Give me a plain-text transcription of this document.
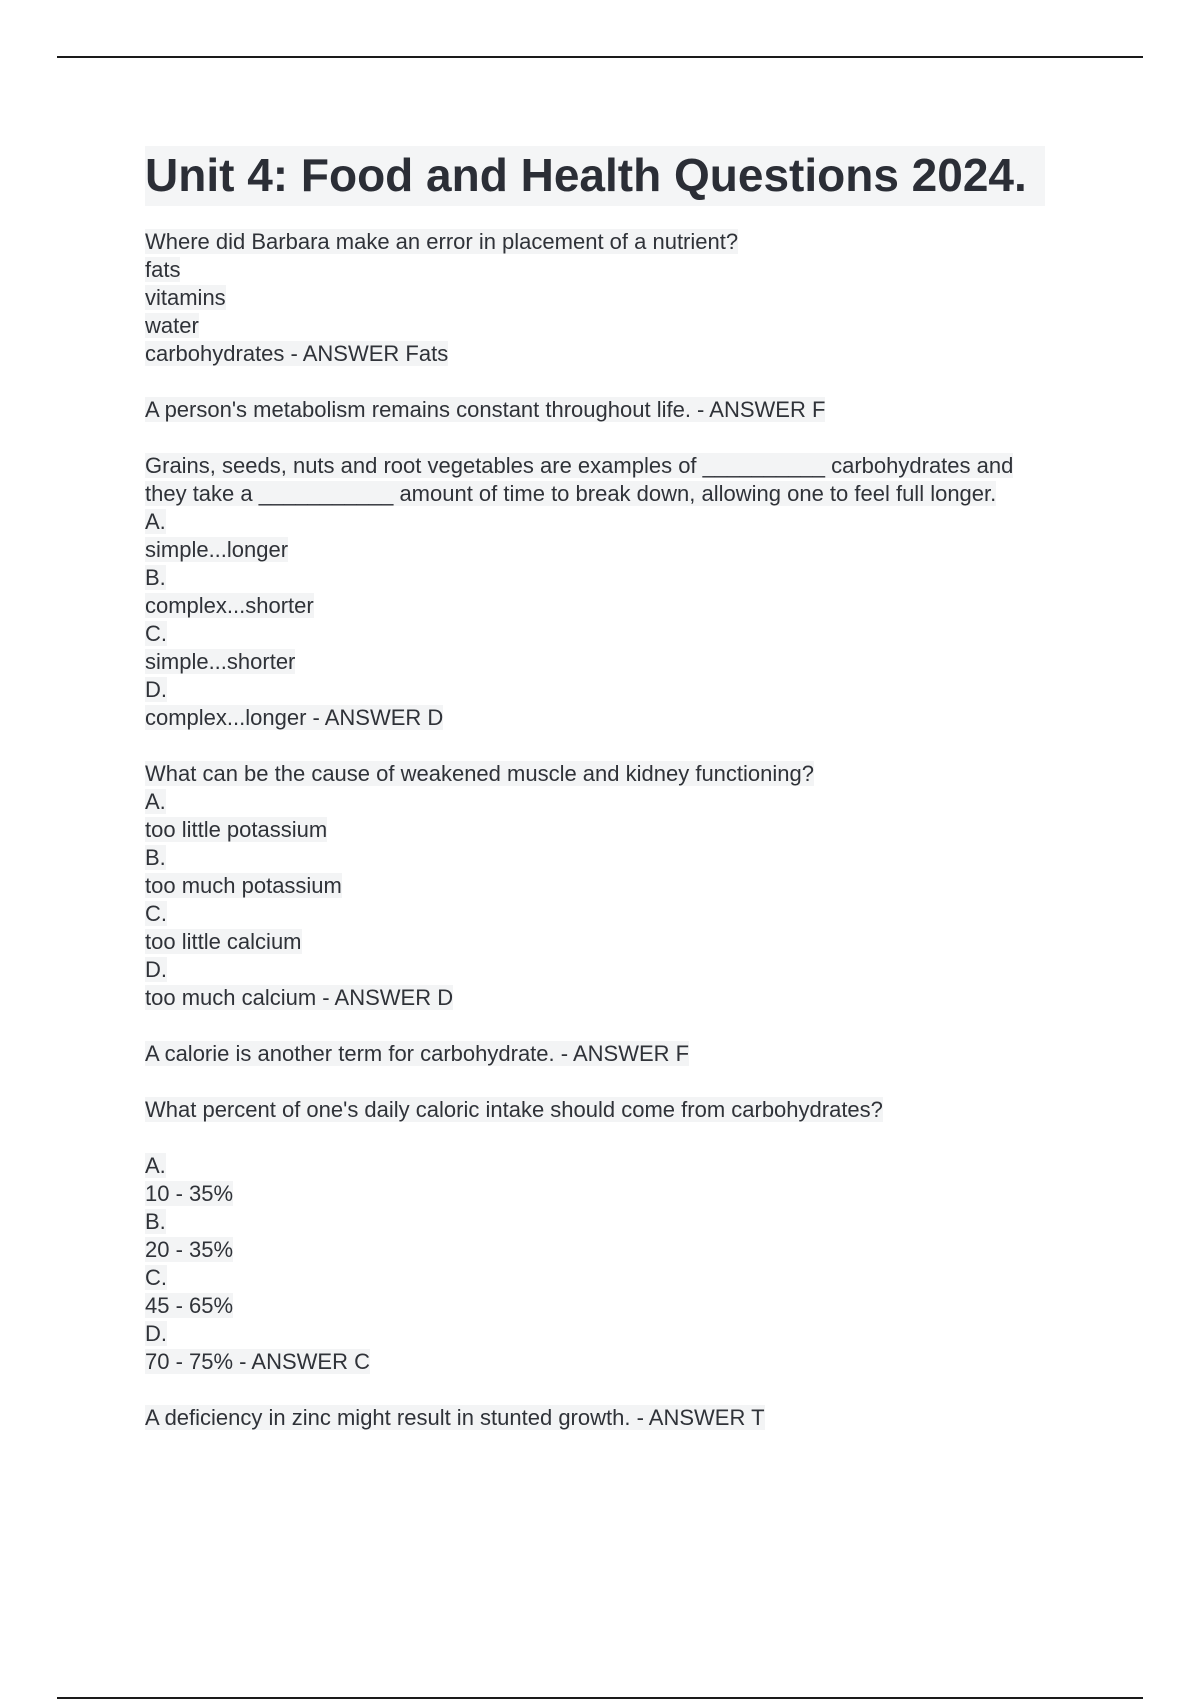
Unit 4: Food and Health Questions 2024.
Where did Barbara make an error in placement of a nutrient?
fats
vitamins
water
carbohydrates - ANSWER Fats
A person's metabolism remains constant throughout life. - ANSWER F
Grains, seeds, nuts and root vegetables are examples of __________ carbohydrates and
they take a ___________ amount of time to break down, allowing one to feel full longer.
A.
simple...longer
B.
complex...shorter
C.
simple...shorter
D.
complex...longer - ANSWER D
What can be the cause of weakened muscle and kidney functioning?
A.
too little potassium
B.
too much potassium
C.
too little calcium
D.
too much calcium - ANSWER D
A calorie is another term for carbohydrate. - ANSWER F
What percent of one's daily caloric intake should come from carbohydrates?
A.
10 - 35%
B.
20 - 35%
C.
45 - 65%
D.
70 - 75% - ANSWER C
A deficiency in zinc might result in stunted growth. - ANSWER T
